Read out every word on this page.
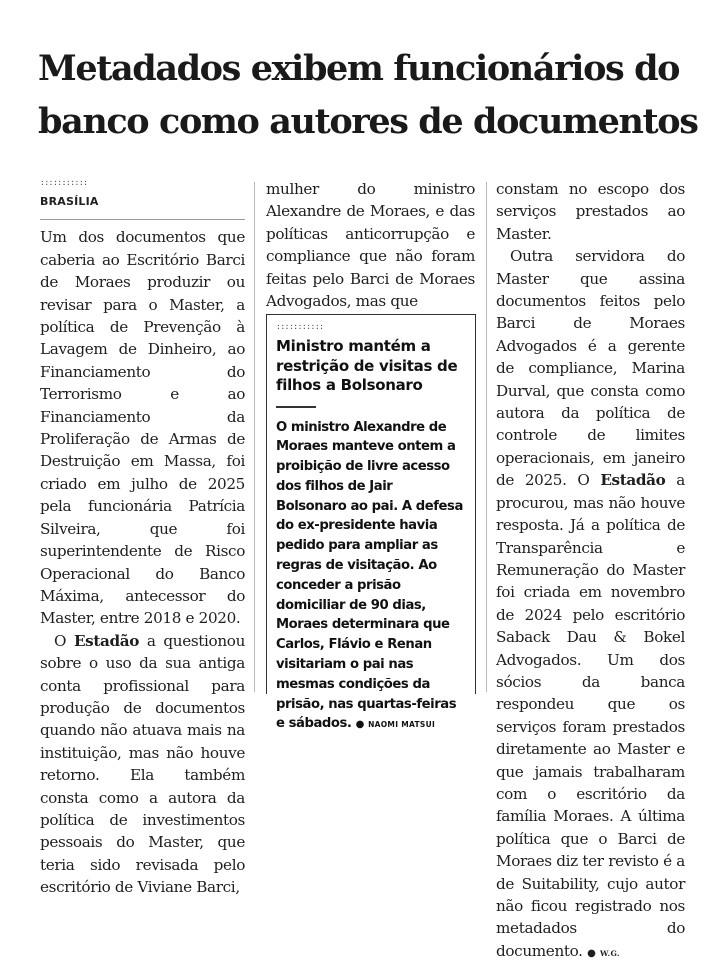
Metadados exibem funcionários do
banco como autores de documentos
:::::::::::
BRASÍLIA

Um dos documentos que caberia ao Escritório Barci de Moraes produzir ou revisar para o Master, a política de Prevenção à Lavagem de Dinheiro, ao Financiamento do Terrorismo e ao Financiamento da Proliferação de Armas de Destruição em Massa, foi criado em julho de 2025 pela funcionária Patrícia Silveira, que foi superintendente de Risco Operacional do Banco Máxima, antecessor do Master, entre 2018 e 2020.

O Estadão a questionou sobre o uso da sua antiga conta profissional para produção de documentos quando não atuava mais na instituição, mas não houve retorno. Ela também consta como a autora da política de investimentos pessoais do Master, que teria sido revisada pelo escritório de Viviane Barci,

mulher do ministro Alexandre de Moraes, e das políticas anticorrupção e compliance que não foram feitas pelo Barci de Moraes Advogados, mas que

:::::::::::
Ministro mantém a restrição de visitas de filhos a Bolsonaro

O ministro Alexandre de Moraes manteve ontem a proibição de livre acesso dos filhos de Jair Bolsonaro ao pai. A defesa do ex-presidente havia pedido para ampliar as regras de visitação. Ao conceder a prisão domiciliar de 90 dias, Moraes determinara que Carlos, Flávio e Renan visitariam o pai nas mesmas condições da prisão, nas quartas-feiras e sábados. ● NAOMI MATSUI

constam no escopo dos serviços prestados ao Master.

Outra servidora do Master que assina documentos feitos pelo Barci de Moraes Advogados é a gerente de compliance, Marina Durval, que consta como autora da política de controle de limites operacionais, em janeiro de 2025. O Estadão a procurou, mas não houve resposta. Já a política de Transparência e Remuneração do Master foi criada em novembro de 2024 pelo escritório Saback Dau & Bokel Advogados. Um dos sócios da banca respondeu que os serviços foram prestados diretamente ao Master e que jamais trabalharam com o escritório da família Moraes. A última política que o Barci de Moraes diz ter revisto é a de Suitability, cujo autor não ficou registrado nos metadados do documento. ● W.G.
